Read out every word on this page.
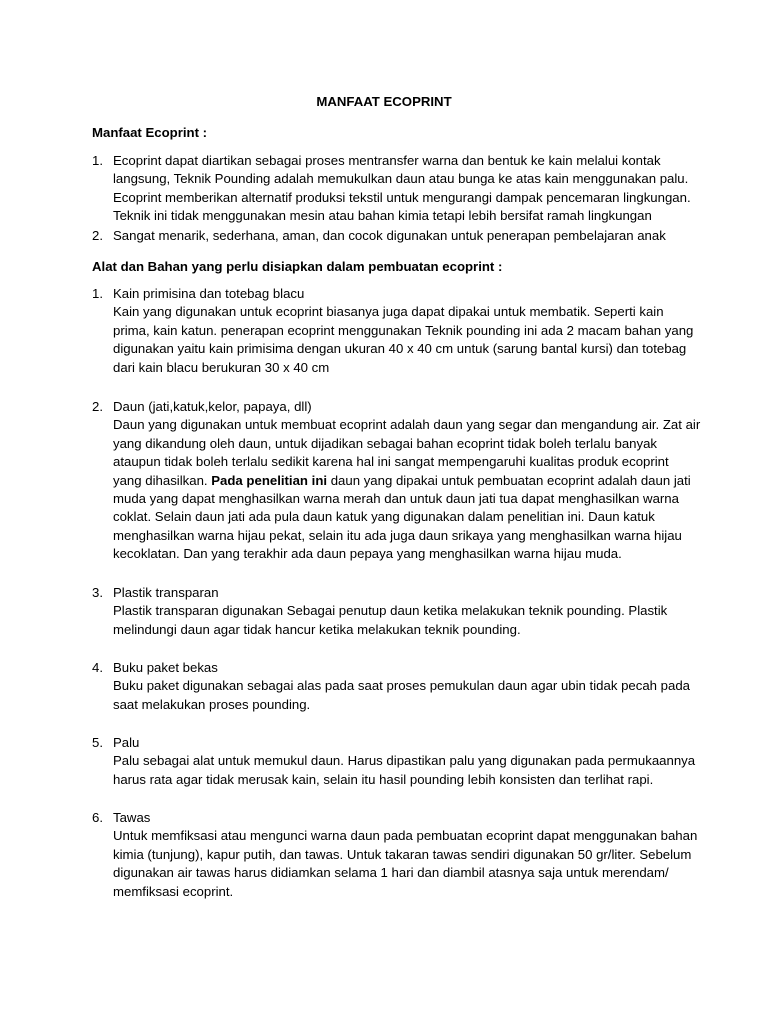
MANFAAT ECOPRINT
Manfaat Ecoprint :
1. Ecoprint dapat diartikan sebagai proses mentransfer warna dan bentuk ke kain melalui kontak
langsung, Teknik Pounding adalah memukulkan daun atau bunga ke atas kain menggunakan palu.
Ecoprint memberikan alternatif produksi tekstil untuk mengurangi dampak pencemaran lingkungan.
Teknik ini tidak menggunakan mesin atau bahan kimia tetapi lebih bersifat ramah lingkungan
2. Sangat menarik, sederhana, aman, dan cocok digunakan untuk penerapan pembelajaran anak
Alat dan Bahan yang perlu disiapkan dalam pembuatan ecoprint :
1. Kain primisina dan totebag blacu
Kain yang digunakan untuk ecoprint biasanya juga dapat dipakai untuk membatik. Seperti kain
prima, kain katun. penerapan ecoprint menggunakan Teknik pounding ini ada 2 macam bahan yang
digunakan yaitu kain primisima dengan ukuran 40 x 40 cm untuk (sarung bantal kursi) dan totebag
dari kain blacu berukuran 30 x 40 cm
2. Daun (jati,katuk,kelor, papaya, dll)
Daun yang digunakan untuk membuat ecoprint adalah daun yang segar dan mengandung air. Zat air
yang dikandung oleh daun, untuk dijadikan sebagai bahan ecoprint tidak boleh terlalu banyak
ataupun tidak boleh terlalu sedikit karena hal ini sangat mempengaruhi kualitas produk ecoprint
yang dihasilkan. Pada penelitian ini daun yang dipakai untuk pembuatan ecoprint adalah daun jati
muda yang dapat menghasilkan warna merah dan untuk daun jati tua dapat menghasilkan warna
coklat. Selain daun jati ada pula daun katuk yang digunakan dalam penelitian ini. Daun katuk
menghasilkan warna hijau pekat, selain itu ada juga daun srikaya yang menghasilkan warna hijau
kecoklatan. Dan yang terakhir ada daun pepaya yang menghasilkan warna hijau muda.
3. Plastik transparan
Plastik transparan digunakan Sebagai penutup daun ketika melakukan teknik pounding. Plastik
melindungi daun agar tidak hancur ketika melakukan teknik pounding.
4. Buku paket bekas
Buku paket digunakan sebagai alas pada saat proses pemukulan daun agar ubin tidak pecah pada
saat melakukan proses pounding.
5. Palu
Palu sebagai alat untuk memukul daun. Harus dipastikan palu yang digunakan pada permukaannya
harus rata agar tidak merusak kain, selain itu hasil pounding lebih konsisten dan terlihat rapi.
6. Tawas
Untuk memfiksasi atau mengunci warna daun pada pembuatan ecoprint dapat menggunakan bahan
kimia (tunjung), kapur putih, dan tawas. Untuk takaran tawas sendiri digunakan 50 gr/liter. Sebelum
digunakan air tawas harus didiamkan selama 1 hari dan diambil atasnya saja untuk merendam/
memfiksasi ecoprint.
